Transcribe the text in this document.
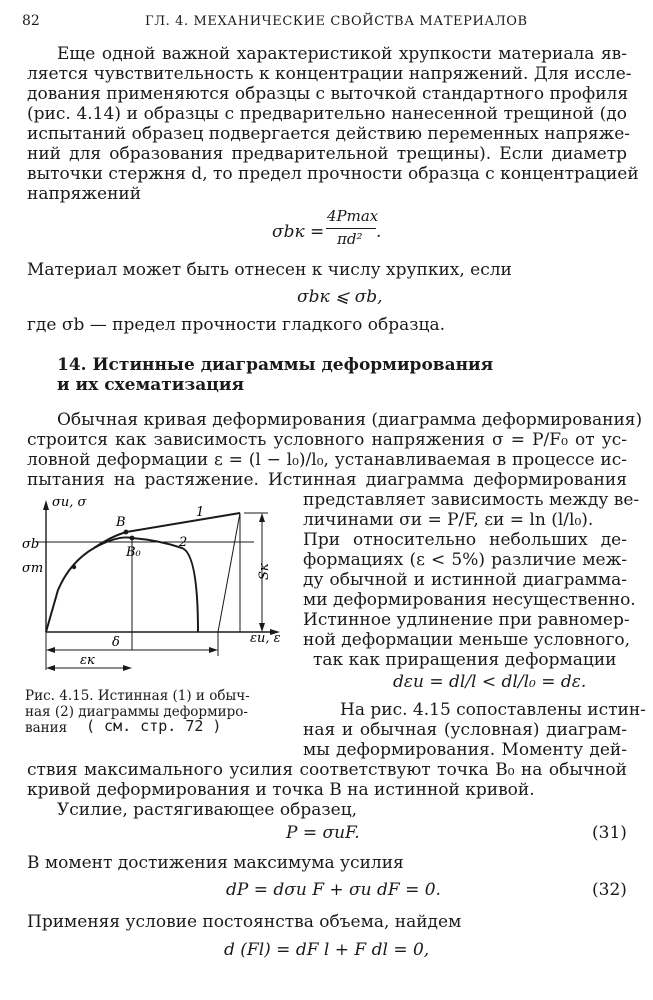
82	ГЛ. 4. МЕХАНИЧЕСКИЕ СВОЙСТВА МАТЕРИАЛОВ
Еще одной важной характеристикой хрупкости материала яв-
ляется чувствительность к концентрации напряжений. Для иссле-
дования применяются образцы с выточкой стандартного профиля
(рис. 4.14) и образцы с предварительно нанесенной трещиной (до
испытаний образец подвергается действию переменных напряже-
ний для образования предварительной трещины). Если диаметр
выточки стержня d, то предел прочности образца с концентрацией
напряжений
σbк =
4Pmax
πd² .
Материал может быть отнесен к числу хрупких, если
σbк ⩽ σb,
где σb — предел прочности гладкого образца.
14. Истинные диаграммы деформирования
и их схематизация
Обычная кривая деформирования (диаграмма деформирования)
строится как зависимость условного напряжения σ = P/F₀ от ус-
ловной деформации ε = (l − l₀)/l₀, устанавливаемая в процессе ис-
пытания на растяжение. Истинная диаграмма деформирования
представляет зависимость между ве-
личинами σи = P/F, εи = ln (l/l₀).
При относительно небольших де-
формациях (ε < 5%) различие меж-
ду обычной и истинной диаграмма-
ми деформирования несущественно.
Истинное удлинение при равномер-
ной деформации меньше условного,
так как приращения деформации
dεи = dl/l < dl/l₀ = dε.
σи, σ
σb
σт
B
B₀
1
2
Sк
εи, ε
δ
εк
Рис. 4.15. Истинная (1) и обыч-
ная (2) диаграммы деформиро-
вания ( см. стр. 72 )
На рис. 4.15 сопоставлены истин-
ная и обычная (условная) диаграм-
мы деформирования. Моменту дей-
ствия максимального усилия соответствуют точка B₀ на обычной
кривой деформирования и точка B на истинной кривой.
Усилие, растягивающее образец,
P = σиF.	(31)
В момент достижения максимума усилия
dP = dσи F + σи dF = 0.	(32)
Применяя условие постоянства объема, найдем
d (Fl) = dF l + F dl = 0,
